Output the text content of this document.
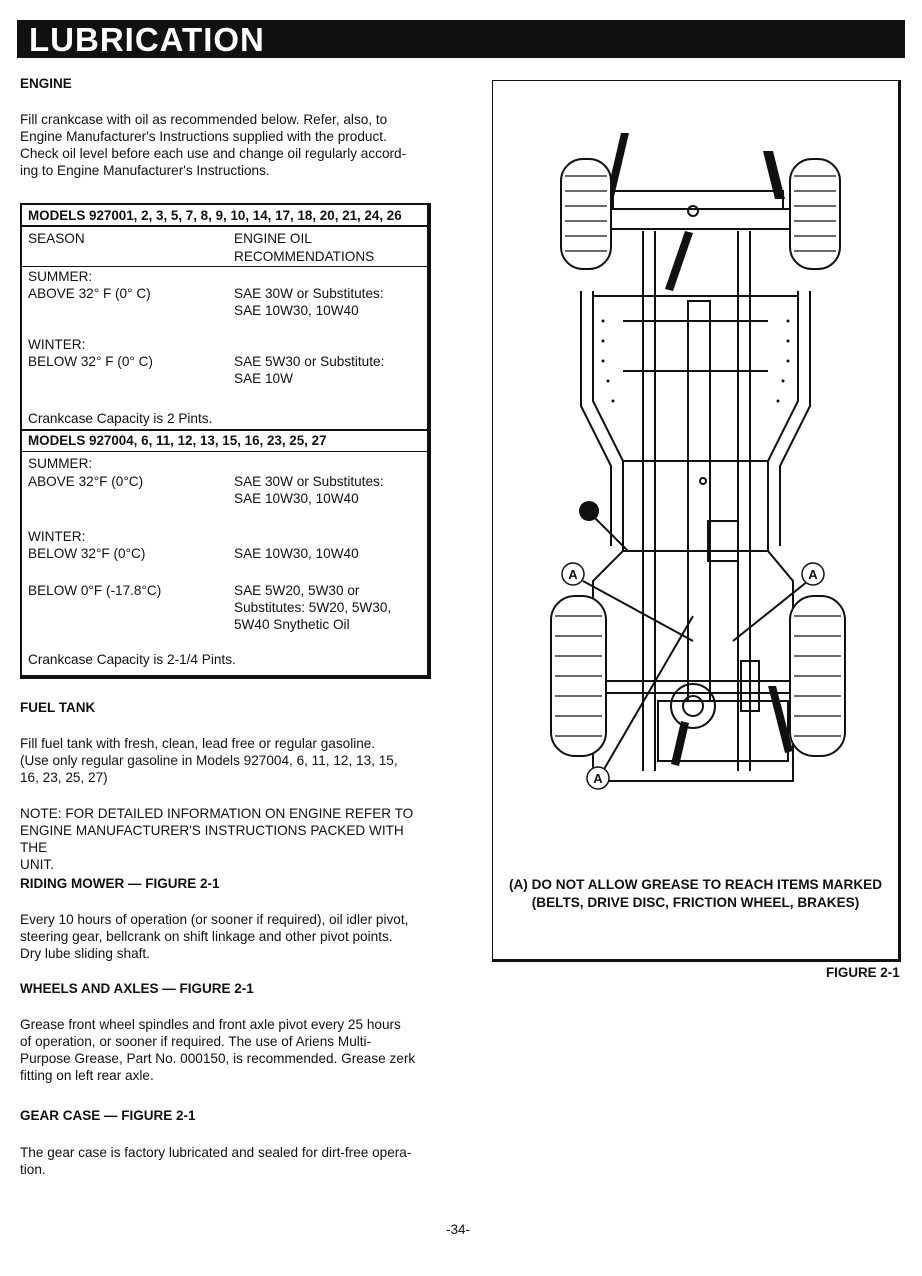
LUBRICATION
ENGINE
Fill crankcase with oil as recommended below. Refer, also, to
Engine Manufacturer's Instructions supplied with the product.
Check oil level before each use and change oil regularly accord-
ing to Engine Manufacturer's Instructions.
MODELS 927001, 2, 3, 5, 7, 8, 9, 10, 14, 17, 18, 20, 21, 24, 26
SEASON	ENGINE OIL
RECOMMENDATIONS
SUMMER:
ABOVE 32° F (0° C)	SAE 30W or Substitutes:
SAE 10W30, 10W40
WINTER:
BELOW 32° F (0° C)	SAE 5W30 or Substitute:
SAE 10W
Crankcase Capacity is 2 Pints.
MODELS 927004, 6, 11, 12, 13, 15, 16, 23, 25, 27
SUMMER:
ABOVE 32°F (0°C)	SAE 30W or Substitutes:
SAE 10W30, 10W40
WINTER:
BELOW 32°F (0°C)	SAE 10W30, 10W40
BELOW 0°F (-17.8°C)	SAE 5W20, 5W30 or
Substitutes: 5W20, 5W30,
5W40 Snythetic Oil
Crankcase Capacity is 2-1/4 Pints.
FUEL TANK
Fill fuel tank with fresh, clean, lead free or regular gasoline.
(Use only regular gasoline in Models 927004, 6, 11, 12, 13, 15,
16, 23, 25, 27)
NOTE: FOR DETAILED INFORMATION ON ENGINE REFER TO
ENGINE MANUFACTURER'S INSTRUCTIONS PACKED WITH THE
UNIT.
RIDING MOWER — FIGURE 2-1
Every 10 hours of operation (or sooner if required), oil idler pivot,
steering gear, bellcrank on shift linkage and other pivot points.
Dry lube sliding shaft.
WHEELS AND AXLES — FIGURE 2-1
Grease front wheel spindles and front axle pivot every 25 hours
of operation, or sooner if required. The use of Ariens Multi-
Purpose Grease, Part No. 000150, is recommended. Grease zerk
fitting on left rear axle.
GEAR CASE — FIGURE 2-1
The gear case is factory lubricated and sealed for dirt-free opera-
tion.
A	A
A
(A) DO NOT ALLOW GREASE TO REACH ITEMS MARKED
(BELTS, DRIVE DISC, FRICTION WHEEL, BRAKES)
FIGURE 2-1
-34-
